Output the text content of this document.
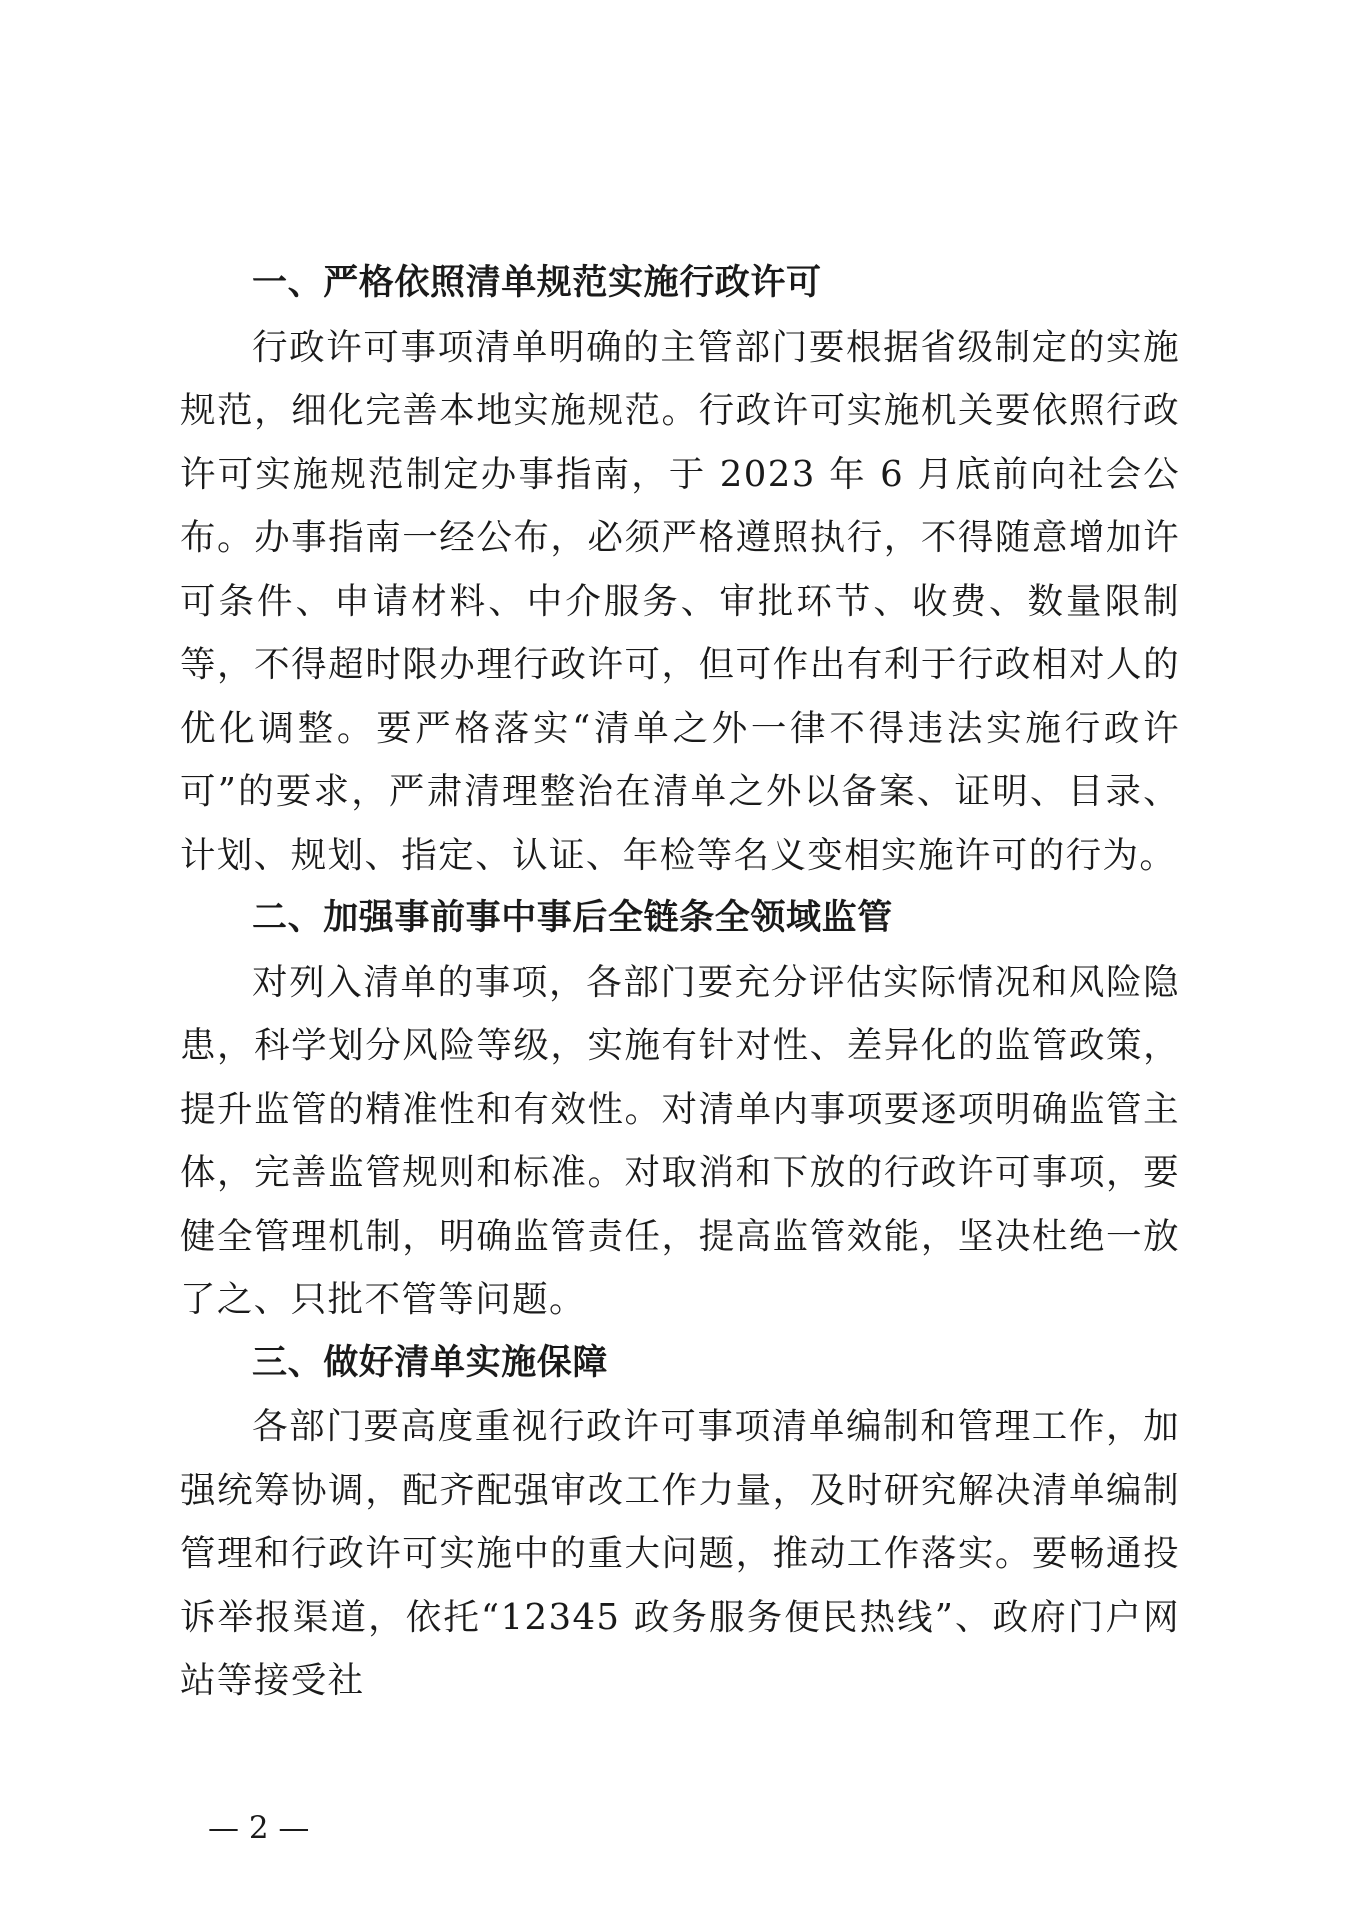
一、严格依照清单规范实施行政许可

行政许可事项清单明确的主管部门要根据省级制定的实施规范，细化完善本地实施规范。行政许可实施机关要依照行政许可实施规范制定办事指南，于 2023 年 6 月底前向社会公布。办事指南一经公布，必须严格遵照执行，不得随意增加许可条件、申请材料、中介服务、审批环节、收费、数量限制等，不得超时限办理行政许可，但可作出有利于行政相对人的优化调整。要严格落实“清单之外一律不得违法实施行政许可”的要求，严肃清理整治在清单之外以备案、证明、目录、计划、规划、指定、认证、年检等名义变相实施许可的行为。

二、加强事前事中事后全链条全领域监管

对列入清单的事项，各部门要充分评估实际情况和风险隐患，科学划分风险等级，实施有针对性、差异化的监管政策，提升监管的精准性和有效性。对清单内事项要逐项明确监管主体，完善监管规则和标准。对取消和下放的行政许可事项，要健全管理机制，明确监管责任，提高监管效能，坚决杜绝一放了之、只批不管等问题。

三、做好清单实施保障

各部门要高度重视行政许可事项清单编制和管理工作，加强统筹协调，配齐配强审改工作力量，及时研究解决清单编制管理和行政许可实施中的重大问题，推动工作落实。要畅通投诉举报渠道，依托“12345 政务服务便民热线”、政府门户网站等接受社

— 2 —
